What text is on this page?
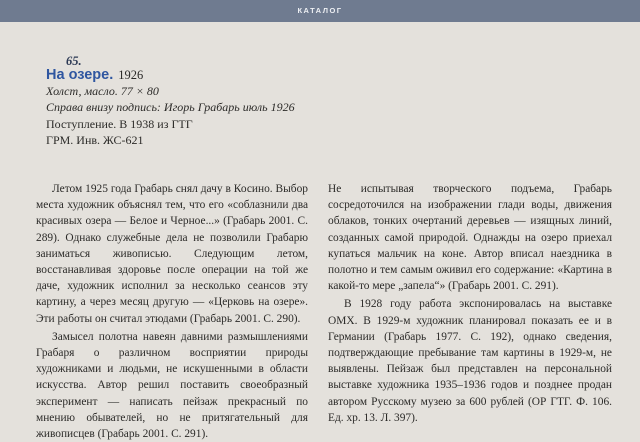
КАТАЛОГ
65.
На озере. 1926
Холст, масло. 77 × 80
Справа внизу подпись: Игорь Грабарь июль 1926
Поступление. В 1938 из ГТГ
ГРМ. Инв. ЖС-621

Летом 1925 года Грабарь снял дачу в Косино. Выбор места художник объяснял тем, что его «соблазнили два красивых озера — Белое и Черное...» (Грабарь 2001. С. 289). Однако служебные дела не позволили Грабарю заниматься живописью. Следующим летом, восстанавливая здоровье после операции на той же даче, художник исполнил за несколько сеансов эту картину, а через месяц другую — «Церковь на озере». Эти работы он считал этюдами (Грабарь 2001. С. 290).

Замысел полотна навеян давними размышлениями Грабаря о различном восприятии природы художниками и людьми, не искушенными в области искусства. Автор решил поставить своеобразный эксперимент — написать пейзаж прекрасный по мнению обывателей, но не притягательный для живописцев (Грабарь 2001. С. 291).

Не испытывая творческого подъема, Грабарь сосредоточился на изображении глади воды, движения облаков, тонких очертаний деревьев — изящных линий, созданных самой природой. Однажды на озеро приехал купаться мальчик на коне. Автор вписал наездника в полотно и тем самым оживил его содержание: «Картина в какой-то мере „запела“» (Грабарь 2001. С. 291).

В 1928 году работа экспонировалась на выставке ОМХ. В 1929-м художник планировал показать ее и в Германии (Грабарь 1977. С. 192), однако сведения, подтверждающие пребывание там картины в 1929-м, не выявлены. Пейзаж был представлен на персональной выставке художника 1935–1936 годов и позднее продан автором Русскому музею за 600 рублей (ОР ГТГ. Ф. 106. Ед. хр. 13. Л. 397).
